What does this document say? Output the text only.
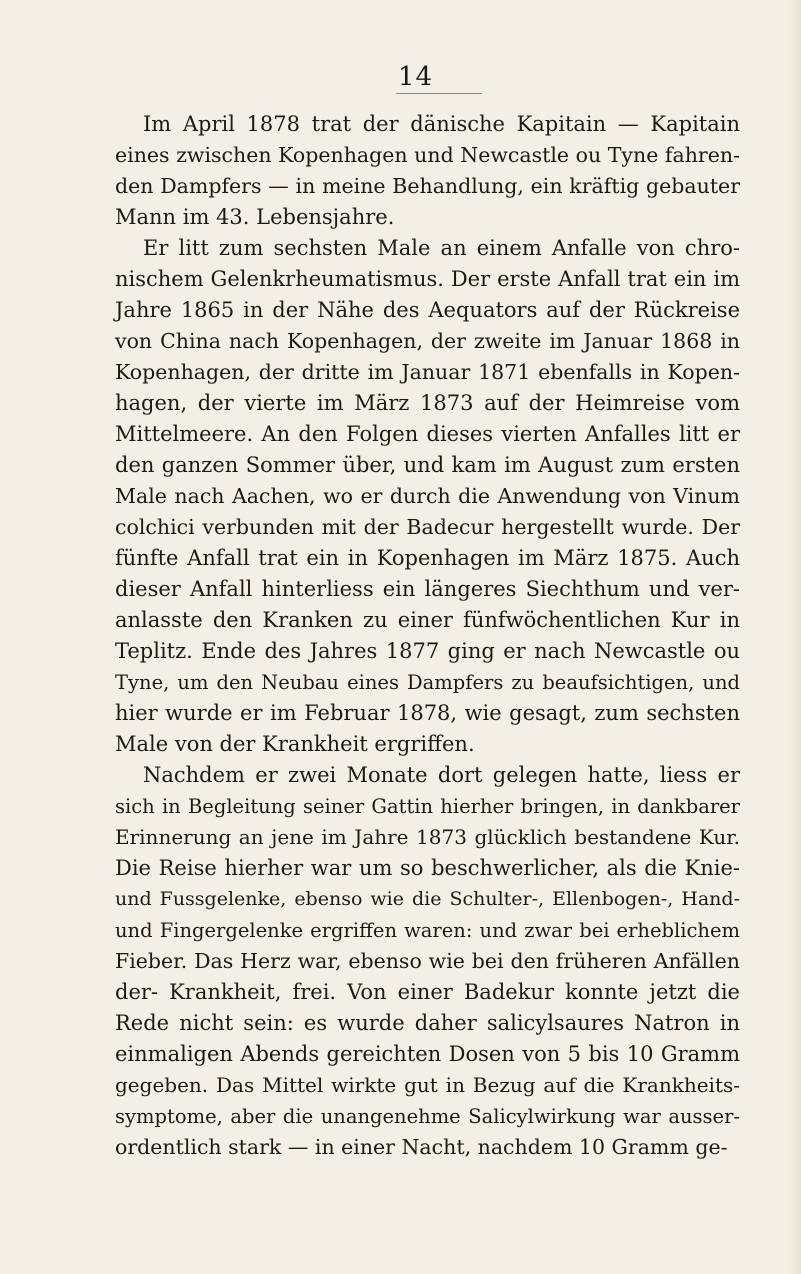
14
Im April 1878 trat der dänische Kapitain — Kapitain
eines zwischen Kopenhagen und Newcastle ou Tyne fahren-
den Dampfers — in meine Behandlung, ein kräftig gebauter
Mann im 43. Lebensjahre.
Er litt zum sechsten Male an einem Anfalle von chro-
nischem Gelenkrheumatismus. Der erste Anfall trat ein im
Jahre 1865 in der Nähe des Aequators auf der Rückreise
von China nach Kopenhagen, der zweite im Januar 1868 in
Kopenhagen, der dritte im Januar 1871 ebenfalls in Kopen-
hagen, der vierte im März 1873 auf der Heimreise vom
Mittelmeere. An den Folgen dieses vierten Anfalles litt er
den ganzen Sommer über, und kam im August zum ersten
Male nach Aachen, wo er durch die Anwendung von Vinum
colchici verbunden mit der Badecur hergestellt wurde. Der
fünfte Anfall trat ein in Kopenhagen im März 1875. Auch
dieser Anfall hinterliess ein längeres Siechthum und ver-
anlasste den Kranken zu einer fünfwöchentlichen Kur in
Teplitz. Ende des Jahres 1877 ging er nach Newcastle ou
Tyne, um den Neubau eines Dampfers zu beaufsichtigen, und
hier wurde er im Februar 1878, wie gesagt, zum sechsten
Male von der Krankheit ergriffen.
Nachdem er zwei Monate dort gelegen hatte, liess er
sich in Begleitung seiner Gattin hierher bringen, in dankbarer
Erinnerung an jene im Jahre 1873 glücklich bestandene Kur.
Die Reise hierher war um so beschwerlicher, als die Knie-
und Fussgelenke, ebenso wie die Schulter-, Ellenbogen-, Hand-
und Fingergelenke ergriffen waren: und zwar bei erheblichem
Fieber. Das Herz war, ebenso wie bei den früheren Anfällen
der- Krankheit, frei. Von einer Badekur konnte jetzt die
Rede nicht sein: es wurde daher salicylsaures Natron in
einmaligen Abends gereichten Dosen von 5 bis 10 Gramm
gegeben. Das Mittel wirkte gut in Bezug auf die Krankheits-
symptome, aber die unangenehme Salicylwirkung war ausser-
ordentlich stark — in einer Nacht, nachdem 10 Gramm ge-
